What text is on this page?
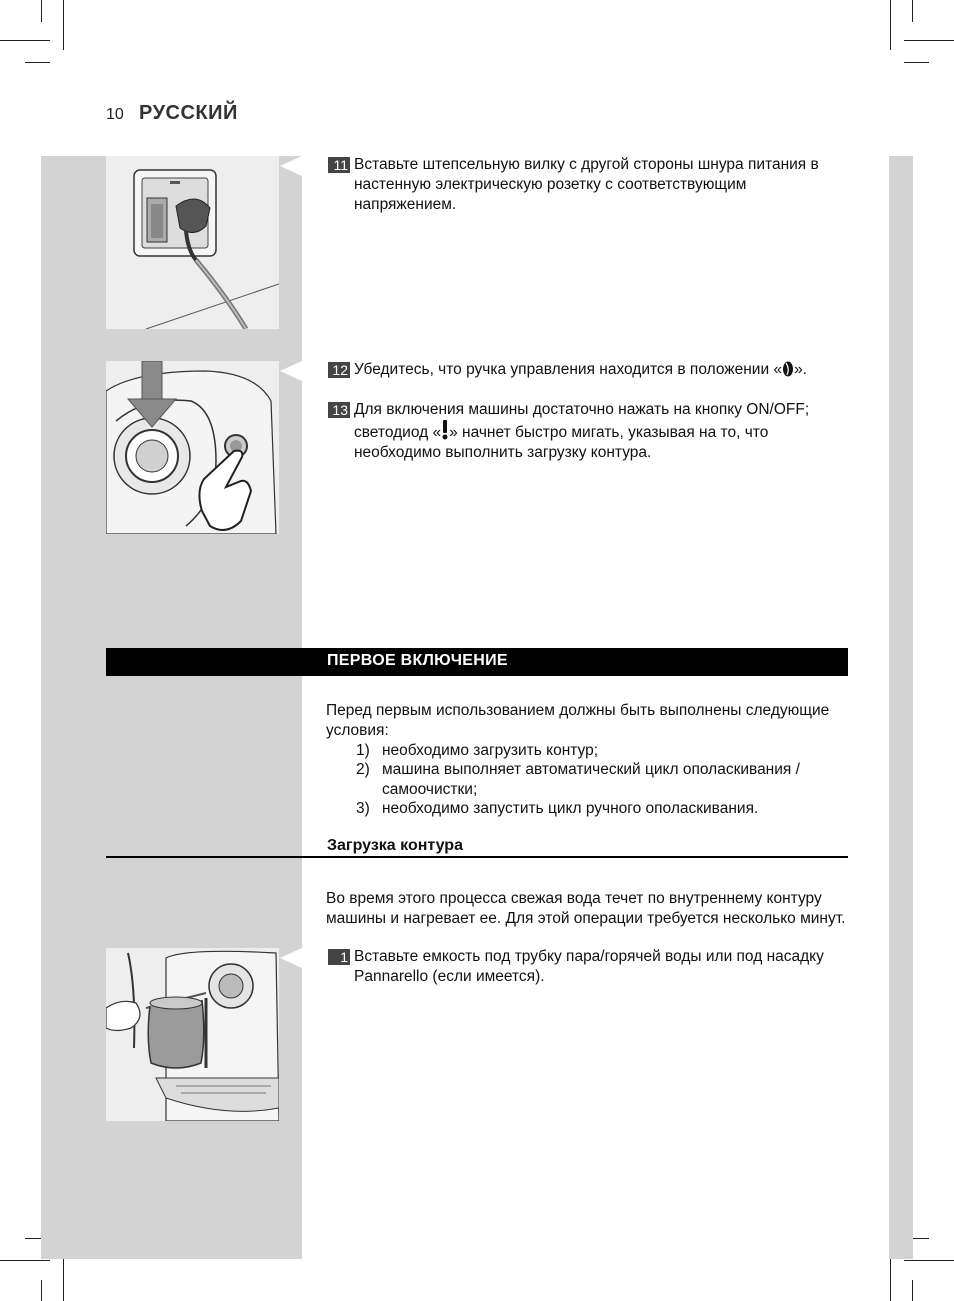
10 РУССКИЙ
11 Вставьте штепсельную вилку с другой стороны шнура питания в настенную электрическую розетку с соответствующим напряжением.
12 Убедитесь, что ручка управления находится в положении « ».
13 Для включения машины достаточно нажать на кнопку ON/OFF; светодиод « » начнет быстро мигать, указывая на то, что необходимо выполнить загрузку контура.
ПЕРВОЕ ВКЛЮЧЕНИЕ
Перед первым использованием должны быть выполнены следующие условия:
1) необходимо загрузить контур;
2) машина выполняет автоматический цикл ополаскивания /самоочистки;
3) необходимо запустить цикл ручного ополаскивания.
Загрузка контура
Во время этого процесса свежая вода течет по внутреннему контуру машины и нагревает ее. Для этой операции требуется несколько минут.
1 Вставьте емкость под трубку пара/горячей воды или под насадку Pannarello (если имеется).
